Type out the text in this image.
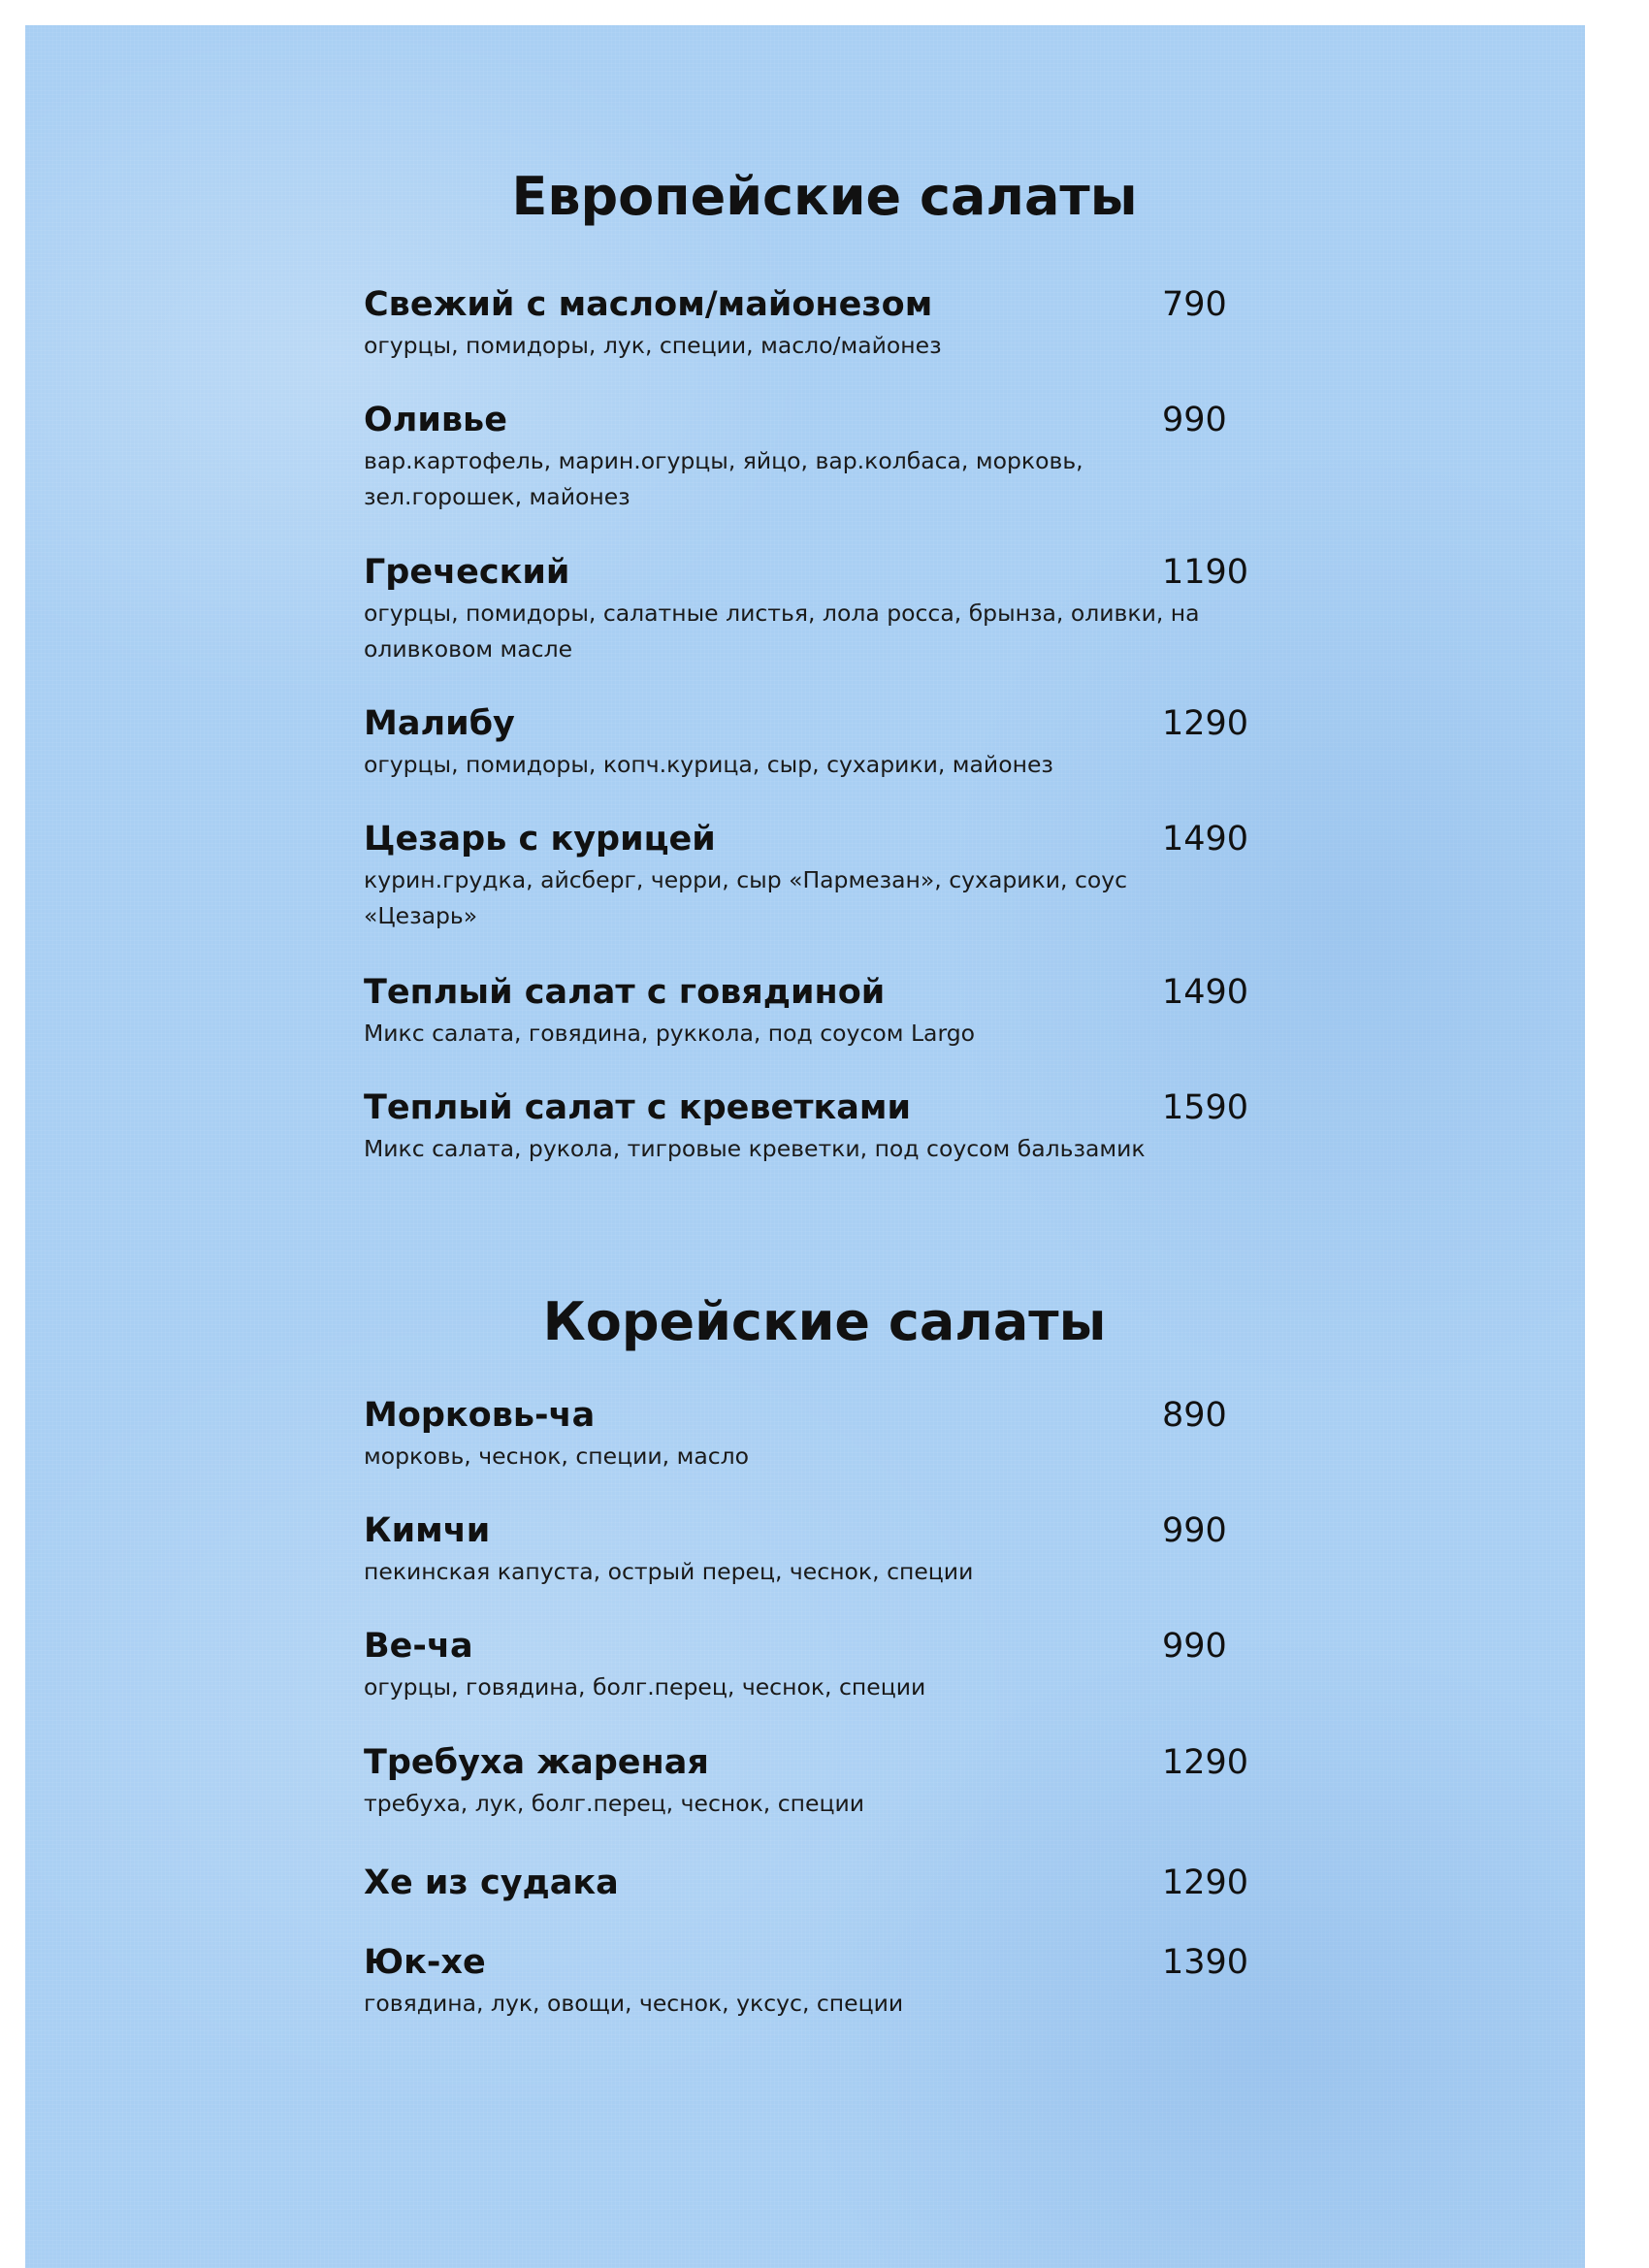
Европейские салаты
Свежий с маслом/майонезом	790
огурцы, помидоры, лук, специи, масло/майонез
Оливье	990
вар.картофель, марин.огурцы, яйцо, вар.колбаса, морковь, зел.горошек, майонез
Греческий	1190
огурцы, помидоры, салатные листья, лола росса, брынза, оливки, на оливковом масле
Малибу	1290
огурцы, помидоры, копч.курица, сыр, сухарики, майонез
Цезарь с курицей	1490
курин.грудка, айсберг, черри, сыр «Пармезан», сухарики, соус «Цезарь»
Теплый салат с говядиной	1490
Микс салата, говядина, руккола, под соусом Largo
Теплый салат с креветками	1590
Микс салата, рукола, тигровые креветки, под соусом бальзамик
Корейские салаты
Морковь-ча	890
морковь, чеснок, специи, масло
Кимчи	990
пекинская капуста, острый перец, чеснок, специи
Ве-ча	990
огурцы, говядина, болг.перец, чеснок, специи
Требуха жареная	1290
требуха, лук, болг.перец, чеснок, специи
Хе из судака	1290
Юк-хе	1390
говядина, лук, овощи, чеснок, уксус, специи
